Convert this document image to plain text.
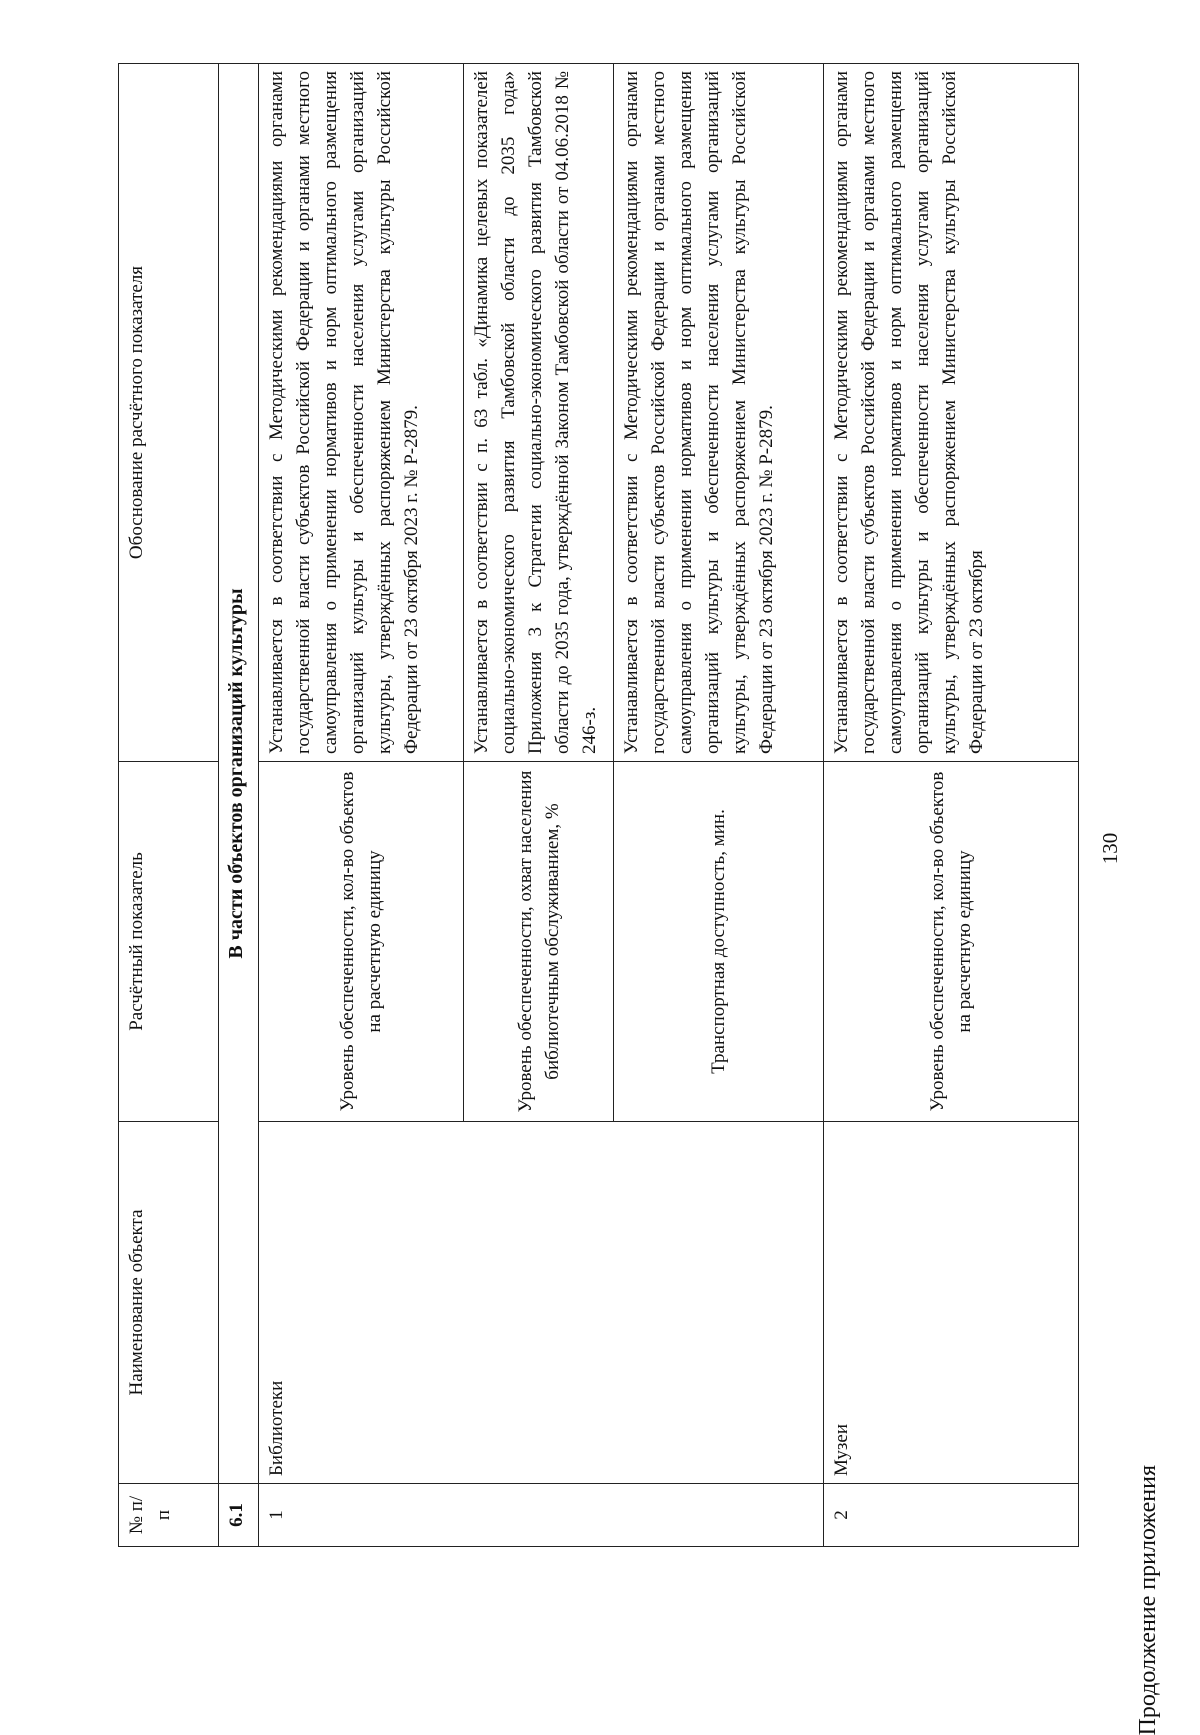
130
Продолжение приложения
№ п/п	Наименование объекта	Расчётный показатель	Обоснование расчётного показателя
6.1	В части объектов организаций культуры		
1	Библиотеки	Уровень обеспеченности, кол-во объектов на расчетную единицу	Устанавливается в соответствии с Методическими рекомендациями органами государственной власти субъектов Российской Федерации и органами местного самоуправления о применении нормативов и норм оптимального размещения организаций культуры и обеспеченности населения услугами организаций культуры, утверждённых распоряжением Министерства культуры Российской Федерации от 23 октября 2023 г. № Р-2879.
		Уровень обеспеченности, охват населения библиотечным обслуживанием, %	Устанавливается в соответствии с п. 63 табл. «Динамика целевых показателей социально-экономического развития Тамбовской области до 2035 года» Приложения 3 к Стратегии социально-экономического развития Тамбовской области до 2035 года, утверждённой Законом Тамбовской области от 04.06.2018 № 246-з.
		Транспортная доступность, мин.	Устанавливается в соответствии с Методическими рекомендациями органами государственной власти субъектов Российской Федерации и органами местного самоуправления о применении нормативов и норм оптимального размещения организаций культуры и обеспеченности населения услугами организаций культуры, утверждённых распоряжением Министерства культуры Российской Федерации от 23 октября 2023 г. № Р-2879.
2	Музеи	Уровень обеспеченности, кол-во объектов на расчетную единицу	Устанавливается в соответствии с Методическими рекомендациями органами государственной власти субъектов Российской Федерации и органами местного самоуправления о применении нормативов и норм оптимального размещения организаций культуры и обеспеченности населения услугами организаций культуры, утверждённых распоряжением Министерства культуры Российской Федерации от 23 октября
